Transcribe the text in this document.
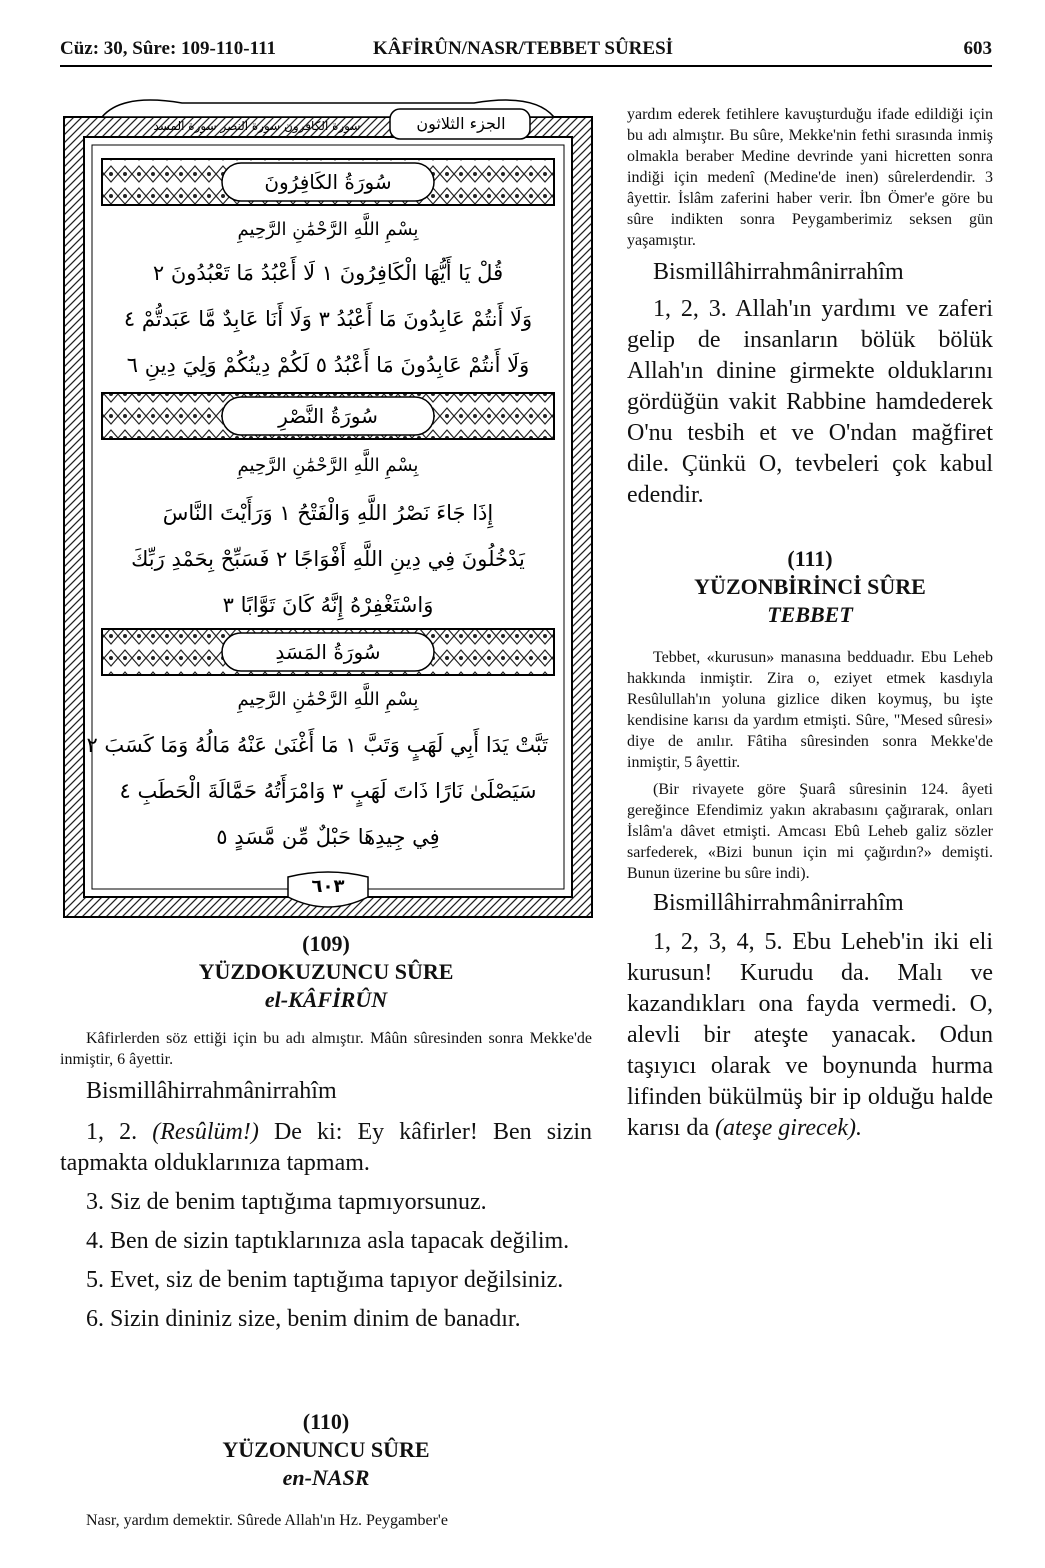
Cüz: 30, Sûre: 109-110-111	KÂFİRÛN/NASR/TEBBET SÛRESİ	603
الجزء الثلاثون
سورة الكافرون سورة النصر سورة المسد
سُورَةُ الكَافِرُونَ
بِسْمِ اللَّهِ الرَّحْمَٰنِ الرَّحِيمِ
قُلْ يَا أَيُّهَا الْكَافِرُونَ ١ لَا أَعْبُدُ مَا تَعْبُدُونَ ٢
وَلَا أَنتُمْ عَابِدُونَ مَا أَعْبُدُ ٣ وَلَا أَنَا عَابِدٌ مَّا عَبَدتُّمْ ٤
وَلَا أَنتُمْ عَابِدُونَ مَا أَعْبُدُ ٥ لَكُمْ دِينُكُمْ وَلِيَ دِينِ ٦
سُورَةُ النَّصْرِ
بِسْمِ اللَّهِ الرَّحْمَٰنِ الرَّحِيمِ
إِذَا جَاءَ نَصْرُ اللَّهِ وَالْفَتْحُ ١ وَرَأَيْتَ النَّاسَ
يَدْخُلُونَ فِي دِينِ اللَّهِ أَفْوَاجًا ٢ فَسَبِّحْ بِحَمْدِ رَبِّكَ
وَاسْتَغْفِرْهُ إِنَّهُ كَانَ تَوَّابًا ٣
سُورَةُ المَسَدِ
بِسْمِ اللَّهِ الرَّحْمَٰنِ الرَّحِيمِ
تَبَّتْ يَدَا أَبِي لَهَبٍ وَتَبَّ ١ مَا أَغْنَىٰ عَنْهُ مَالُهُ وَمَا كَسَبَ ٢
سَيَصْلَىٰ نَارًا ذَاتَ لَهَبٍ ٣ وَامْرَأَتُهُ حَمَّالَةَ الْحَطَبِ ٤
فِي جِيدِهَا حَبْلٌ مِّن مَّسَدٍ ٥
٦٠٣

(109)

YÜZDOKUZUNCU SÛRE

el-KÂFİRÛN

Kâfirlerden söz ettiği için bu adı almıştır. Mâûn sûresinden sonra Mekke'de inmiştir, 6 âyettir.

Bismillâhirrahmânirrahîm

1, 2. (Resûlüm!) De ki: Ey kâfirler! Ben sizin tapmakta olduklarınıza tapmam.

3. Siz de benim taptığıma tapmıyorsunuz.

4. Ben de sizin taptıklarınıza asla tapacak değilim.

5. Evet, siz de benim taptığıma tapıyor değilsiniz.

6. Sizin dininiz size, benim dinim de banadır.

(110)

YÜZONUNCU SÛRE

en-NASR

Nasr, yardım demektir. Sûrede Allah'ın Hz. Peygamber'e

yardım ederek fetihlere kavuşturduğu ifade edildiği için bu adı almıştır. Bu sûre, Mekke'nin fethi sırasında inmiş olmakla beraber Medine devrinde yani hicretten sonra indiği için medenî (Medine'de inen) sûrelerdendir. 3 âyettir. İslâm zaferini haber verir. İbn Ömer'e göre bu sûre indikten sonra Peygamberimiz seksen gün yaşamıştır.

Bismillâhirrahmânirrahîm

1, 2, 3. Allah'ın yardımı ve zaferi gelip de insanların bölük bölük Allah'ın dinine girmekte olduklarını gördüğün vakit Rabbine hamdederek O'nu tesbih et ve O'ndan mağfiret dile. Çünkü O, tevbeleri çok kabul edendir.

(111)

YÜZONBİRİNCİ SÛRE

TEBBET

Tebbet, «kurusun» manasına bedduadır. Ebu Leheb hakkında inmiştir. Zira o, eziyet etmek kasdıyla Resûlullah'ın yoluna gizlice diken koymuş, bu işte kendisine karısı da yardım etmişti. Sûre, "Mesed sûresi» diye de anılır. Fâtiha sûresinden sonra Mekke'de inmiştir, 5 âyettir.

(Bir rivayete göre Şuarâ sûresinin 124. âyeti gereğince Efendimiz yakın akrabasını çağırarak, onları İslâm'a dâvet etmişti. Amcası Ebû Leheb galiz sözler sarfederek, «Bizi bunun için mi çağırdın?» demişti. Bunun üzerine bu sûre indi).

Bismillâhirrahmânirrahîm

1, 2, 3, 4, 5. Ebu Leheb'in iki eli kurusun! Kurudu da. Malı ve kazandıkları ona fayda vermedi. O, alevli bir ateşte yanacak. Odun taşıyıcı olarak ve boynunda hurma lifinden bükülmüş bir ip olduğu halde karısı da (ateşe girecek).
